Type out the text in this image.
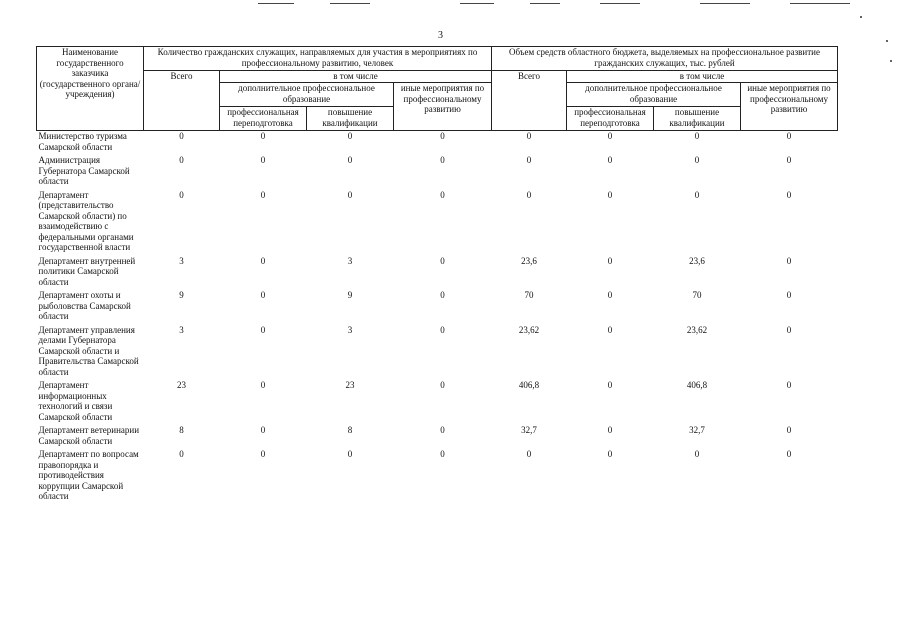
3
Наименование государственного заказчика (государственного органа/учреждения)	Количество гражданских служащих, направляемых для участия в мероприятиях по профессиональному развитию, человек				Объем средств областного бюджета, выделяемых на профессиональное развитие гражданских служащих, тыс. рублей			
	Всего	в том числе			Всего	в том числе		
		дополнительное профессиональное образование		иные мероприятия по профессиональному развитию		дополнительное профессиональное образование		иные мероприятия по профессиональному развитию
		профессиональная переподготовка	повышение квалификации			профессиональная переподготовка	повышение квалификации	
Министерство туризма Самарской области	0	0	0	0	0	0	0	0
Администрация Губернатора Самарской области	0	0	0	0	0	0	0	0
Департамент (представительство Самарской области) по взаимодействию с федеральными органами государственной власти	0	0	0	0	0	0	0	0
Департамент внутренней политики Самарской области	3	0	3	0	23,6	0	23,6	0
Департамент охоты и рыболовства Самарской области	9	0	9	0	70	0	70	0
Департамент управления делами Губернатора Самарской области и Правительства Самарской области	3	0	3	0	23,62	0	23,62	0
Департамент информационных технологий и связи Самарской области	23	0	23	0	406,8	0	406,8	0
Департамент ветеринарии Самарской области	8	0	8	0	32,7	0	32,7	0
Департамент по вопросам правопорядка и противодействия коррупции Самарской области	0	0	0	0	0	0	0	0
